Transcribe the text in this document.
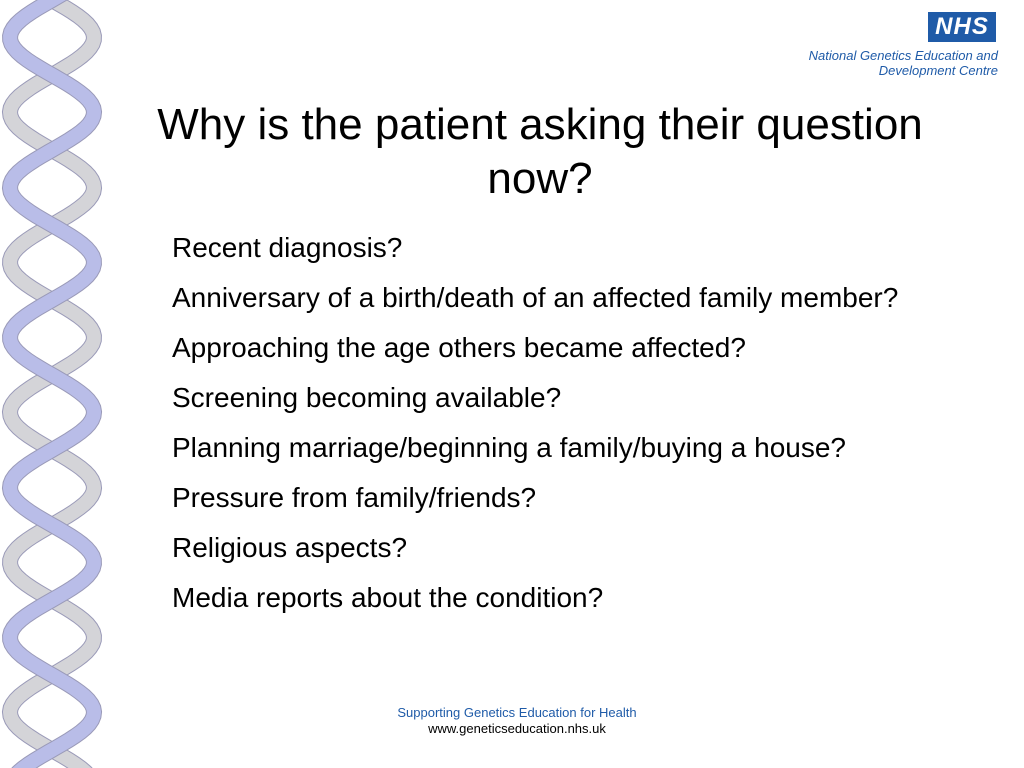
NHS
National Genetics Education and
Development Centre
Why is the patient asking their question now?
Recent diagnosis?
Anniversary of a birth/death of an affected family member?
Approaching the age others became affected?
Screening becoming available?
Planning marriage/beginning a family/buying a house?
Pressure from family/friends?
Religious aspects?
Media reports about the condition?
Supporting Genetics Education for Health
www.geneticseducation.nhs.uk
